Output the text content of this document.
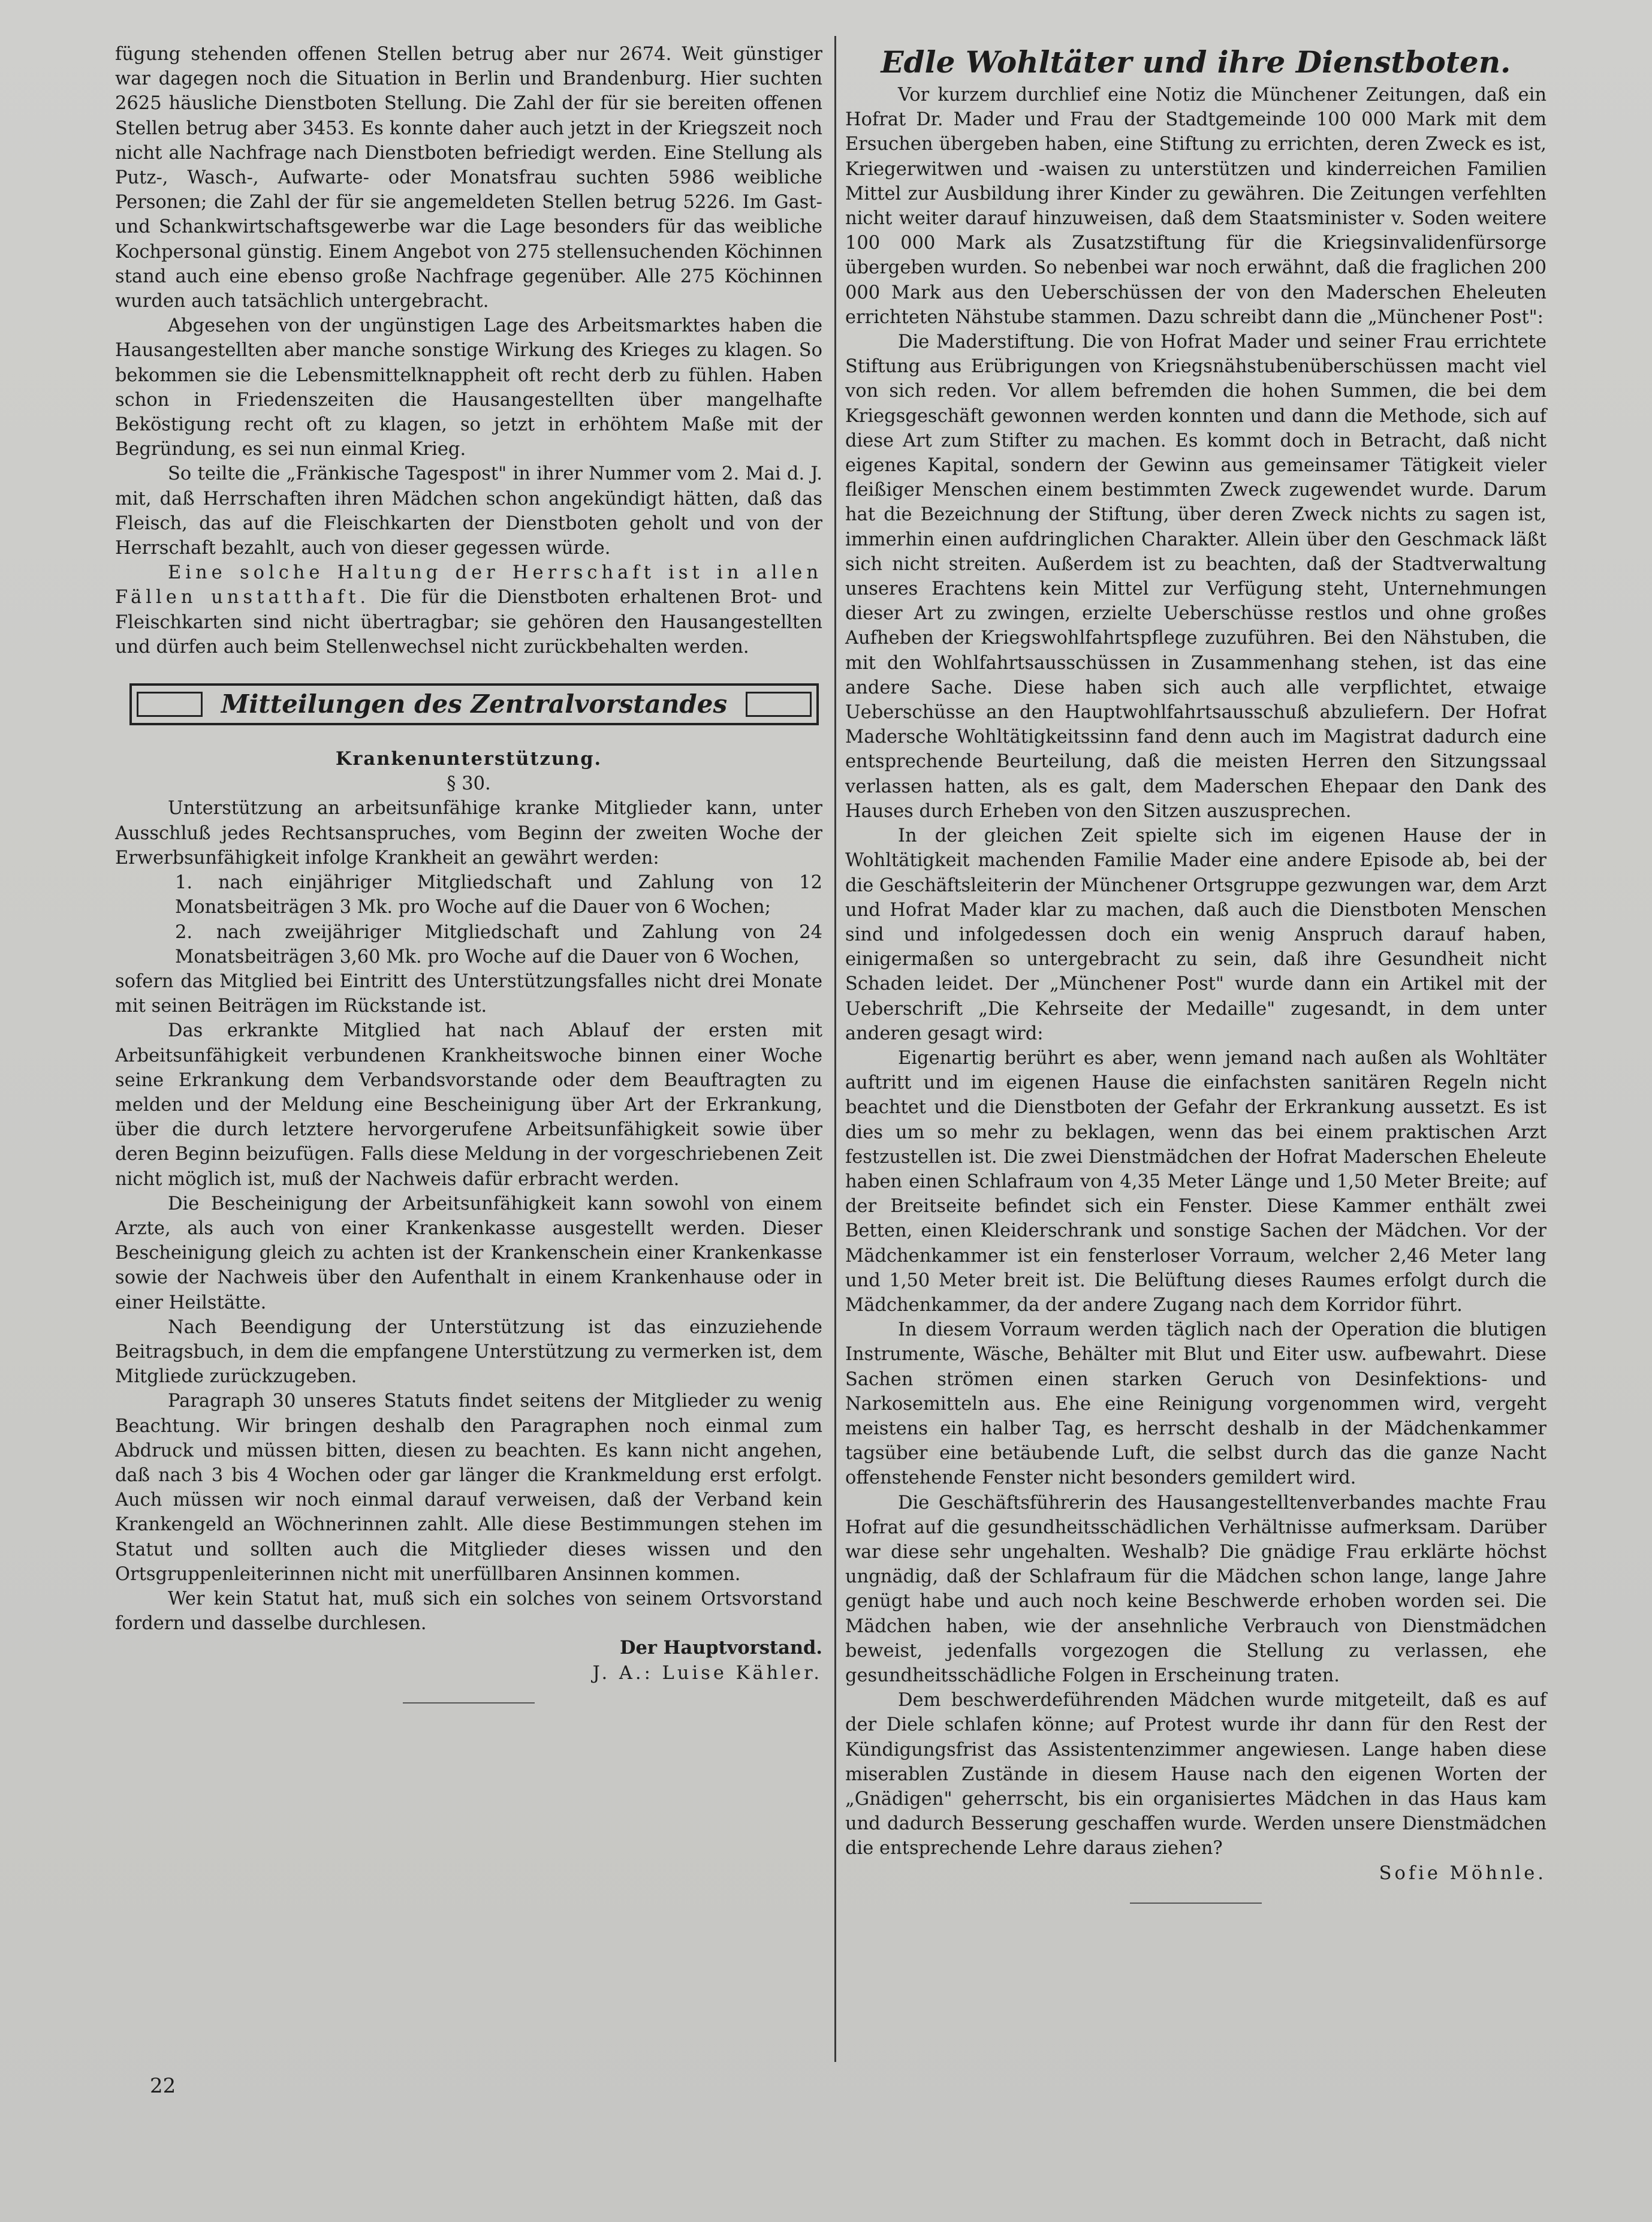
fügung stehenden offenen Stellen betrug aber nur 2674. Weit günstiger war dagegen noch die Situation in Berlin und Brandenburg. Hier suchten 2625 häusliche Dienstboten Stellung. Die Zahl der für sie bereiten offenen Stellen betrug aber 3453. Es konnte daher auch jetzt in der Kriegszeit noch nicht alle Nachfrage nach Dienstboten befriedigt werden. Eine Stellung als Putz-, Wasch-, Aufwarte- oder Monatsfrau suchten 5986 weibliche Personen; die Zahl der für sie angemeldeten Stellen betrug 5226. Im Gast- und Schankwirtschaftsgewerbe war die Lage besonders für das weibliche Kochpersonal günstig. Einem Angebot von 275 stellensuchenden Köchinnen stand auch eine ebenso große Nachfrage gegenüber. Alle 275 Köchinnen wurden auch tatsächlich untergebracht.

Abgesehen von der ungünstigen Lage des Arbeitsmarktes haben die Hausangestellten aber manche sonstige Wirkung des Krieges zu klagen. So bekommen sie die Lebensmittelknappheit oft recht derb zu fühlen. Haben schon in Friedenszeiten die Hausangestellten über mangelhafte Beköstigung recht oft zu klagen, so jetzt in erhöhtem Maße mit der Begründung, es sei nun einmal Krieg.

So teilte die „Fränkische Tagespost" in ihrer Nummer vom 2. Mai d. J. mit, daß Herrschaften ihren Mädchen schon angekündigt hätten, daß das Fleisch, das auf die Fleischkarten der Dienstboten geholt und von der Herrschaft bezahlt, auch von dieser gegessen würde.

Eine solche Haltung der Herrschaft ist in allen Fällen unstatthaft. Die für die Dienstboten erhaltenen Brot- und Fleischkarten sind nicht übertragbar; sie gehören den Hausangestellten und dürfen auch beim Stellenwechsel nicht zurückbehalten werden.

Mitteilungen des Zentralvorstandes

Krankenunterstützung.

§ 30.

Unterstützung an arbeitsunfähige kranke Mitglieder kann, unter Ausschluß jedes Rechtsanspruches, vom Beginn der zweiten Woche der Erwerbsunfähigkeit infolge Krankheit an gewährt werden:

1. nach einjähriger Mitgliedschaft und Zahlung von 12 Monatsbeiträgen 3 Mk. pro Woche auf die Dauer von 6 Wochen;

2. nach zweijähriger Mitgliedschaft und Zahlung von 24 Monatsbeiträgen 3,60 Mk. pro Woche auf die Dauer von 6 Wochen,

sofern das Mitglied bei Eintritt des Unterstützungsfalles nicht drei Monate mit seinen Beiträgen im Rückstande ist.

Das erkrankte Mitglied hat nach Ablauf der ersten mit Arbeitsunfähigkeit verbundenen Krankheitswoche binnen einer Woche seine Erkrankung dem Verbandsvorstande oder dem Beauftragten zu melden und der Meldung eine Bescheinigung über Art der Erkrankung, über die durch letztere hervorgerufene Arbeitsunfähigkeit sowie über deren Beginn beizufügen. Falls diese Meldung in der vorgeschriebenen Zeit nicht möglich ist, muß der Nachweis dafür erbracht werden.

Die Bescheinigung der Arbeitsunfähigkeit kann sowohl von einem Arzte, als auch von einer Krankenkasse ausgestellt werden. Dieser Bescheinigung gleich zu achten ist der Krankenschein einer Krankenkasse sowie der Nachweis über den Aufenthalt in einem Krankenhause oder in einer Heilstätte.

Nach Beendigung der Unterstützung ist das einzuziehende Beitragsbuch, in dem die empfangene Unterstützung zu vermerken ist, dem Mitgliede zurückzugeben.

Paragraph 30 unseres Statuts findet seitens der Mitglieder zu wenig Beachtung. Wir bringen deshalb den Paragraphen noch einmal zum Abdruck und müssen bitten, diesen zu beachten. Es kann nicht angehen, daß nach 3 bis 4 Wochen oder gar länger die Krankmeldung erst erfolgt. Auch müssen wir noch einmal darauf verweisen, daß der Verband kein Krankengeld an Wöchnerinnen zahlt. Alle diese Bestimmungen stehen im Statut und sollten auch die Mitglieder dieses wissen und den Ortsgruppenleiterinnen nicht mit unerfüllbaren Ansinnen kommen.

Wer kein Statut hat, muß sich ein solches von seinem Ortsvorstand fordern und dasselbe durchlesen.

Der Hauptvorstand.

J. A.: Luise Kähler.

Edle Wohltäter und ihre Dienstboten.

Vor kurzem durchlief eine Notiz die Münchener Zeitungen, daß ein Hofrat Dr. Mader und Frau der Stadtgemeinde 100 000 Mark mit dem Ersuchen übergeben haben, eine Stiftung zu errichten, deren Zweck es ist, Kriegerwitwen und -waisen zu unterstützen und kinderreichen Familien Mittel zur Ausbildung ihrer Kinder zu gewähren. Die Zeitungen verfehlten nicht weiter darauf hinzuweisen, daß dem Staatsminister v. Soden weitere 100 000 Mark als Zusatzstiftung für die Kriegsinvalidenfürsorge übergeben wurden. So nebenbei war noch erwähnt, daß die fraglichen 200 000 Mark aus den Ueberschüssen der von den Maderschen Eheleuten errichteten Nähstube stammen. Dazu schreibt dann die „Münchener Post":

Die Maderstiftung. Die von Hofrat Mader und seiner Frau errichtete Stiftung aus Erübrigungen von Kriegsnähstubenüberschüssen macht viel von sich reden. Vor allem befremden die hohen Summen, die bei dem Kriegsgeschäft gewonnen werden konnten und dann die Methode, sich auf diese Art zum Stifter zu machen. Es kommt doch in Betracht, daß nicht eigenes Kapital, sondern der Gewinn aus gemeinsamer Tätigkeit vieler fleißiger Menschen einem bestimmten Zweck zugewendet wurde. Darum hat die Bezeichnung der Stiftung, über deren Zweck nichts zu sagen ist, immerhin einen aufdringlichen Charakter. Allein über den Geschmack läßt sich nicht streiten. Außerdem ist zu beachten, daß der Stadtverwaltung unseres Erachtens kein Mittel zur Verfügung steht, Unternehmungen dieser Art zu zwingen, erzielte Ueberschüsse restlos und ohne großes Aufheben der Kriegswohlfahrtspflege zuzuführen. Bei den Nähstuben, die mit den Wohlfahrtsausschüssen in Zusammenhang stehen, ist das eine andere Sache. Diese haben sich auch alle verpflichtet, etwaige Ueberschüsse an den Hauptwohlfahrtsausschuß abzuliefern. Der Hofrat Madersche Wohltätigkeitssinn fand denn auch im Magistrat dadurch eine entsprechende Beurteilung, daß die meisten Herren den Sitzungssaal verlassen hatten, als es galt, dem Maderschen Ehepaar den Dank des Hauses durch Erheben von den Sitzen auszusprechen.

In der gleichen Zeit spielte sich im eigenen Hause der in Wohltätigkeit machenden Familie Mader eine andere Episode ab, bei der die Geschäftsleiterin der Münchener Ortsgruppe gezwungen war, dem Arzt und Hofrat Mader klar zu machen, daß auch die Dienstboten Menschen sind und infolgedessen doch ein wenig Anspruch darauf haben, einigermaßen so untergebracht zu sein, daß ihre Gesundheit nicht Schaden leidet. Der „Münchener Post" wurde dann ein Artikel mit der Ueberschrift „Die Kehrseite der Medaille" zugesandt, in dem unter anderen gesagt wird:

Eigenartig berührt es aber, wenn jemand nach außen als Wohltäter auftritt und im eigenen Hause die einfachsten sanitären Regeln nicht beachtet und die Dienstboten der Gefahr der Erkrankung aussetzt. Es ist dies um so mehr zu beklagen, wenn das bei einem praktischen Arzt festzustellen ist. Die zwei Dienstmädchen der Hofrat Maderschen Eheleute haben einen Schlafraum von 4,35 Meter Länge und 1,50 Meter Breite; auf der Breitseite befindet sich ein Fenster. Diese Kammer enthält zwei Betten, einen Kleiderschrank und sonstige Sachen der Mädchen. Vor der Mädchenkammer ist ein fensterloser Vorraum, welcher 2,46 Meter lang und 1,50 Meter breit ist. Die Belüftung dieses Raumes erfolgt durch die Mädchenkammer, da der andere Zugang nach dem Korridor führt.

In diesem Vorraum werden täglich nach der Operation die blutigen Instrumente, Wäsche, Behälter mit Blut und Eiter usw. aufbewahrt. Diese Sachen strömen einen starken Geruch von Desinfektions- und Narkosemitteln aus. Ehe eine Reinigung vorgenommen wird, vergeht meistens ein halber Tag, es herrscht deshalb in der Mädchenkammer tagsüber eine betäubende Luft, die selbst durch das die ganze Nacht offenstehende Fenster nicht besonders gemildert wird.

Die Geschäftsführerin des Hausangestelltenverbandes machte Frau Hofrat auf die gesundheitsschädlichen Verhältnisse aufmerksam. Darüber war diese sehr ungehalten. Weshalb? Die gnädige Frau erklärte höchst ungnädig, daß der Schlafraum für die Mädchen schon lange, lange Jahre genügt habe und auch noch keine Beschwerde erhoben worden sei. Die Mädchen haben, wie der ansehnliche Verbrauch von Dienstmädchen beweist, jedenfalls vorgezogen die Stellung zu verlassen, ehe gesundheitsschädliche Folgen in Erscheinung traten.

Dem beschwerdeführenden Mädchen wurde mitgeteilt, daß es auf der Diele schlafen könne; auf Protest wurde ihr dann für den Rest der Kündigungsfrist das Assistentenzimmer angewiesen. Lange haben diese miserablen Zustände in diesem Hause nach den eigenen Worten der „Gnädigen" geherrscht, bis ein organisiertes Mädchen in das Haus kam und dadurch Besserung geschaffen wurde. Werden unsere Dienstmädchen die entsprechende Lehre daraus ziehen?

Sofie Möhnle.

22
